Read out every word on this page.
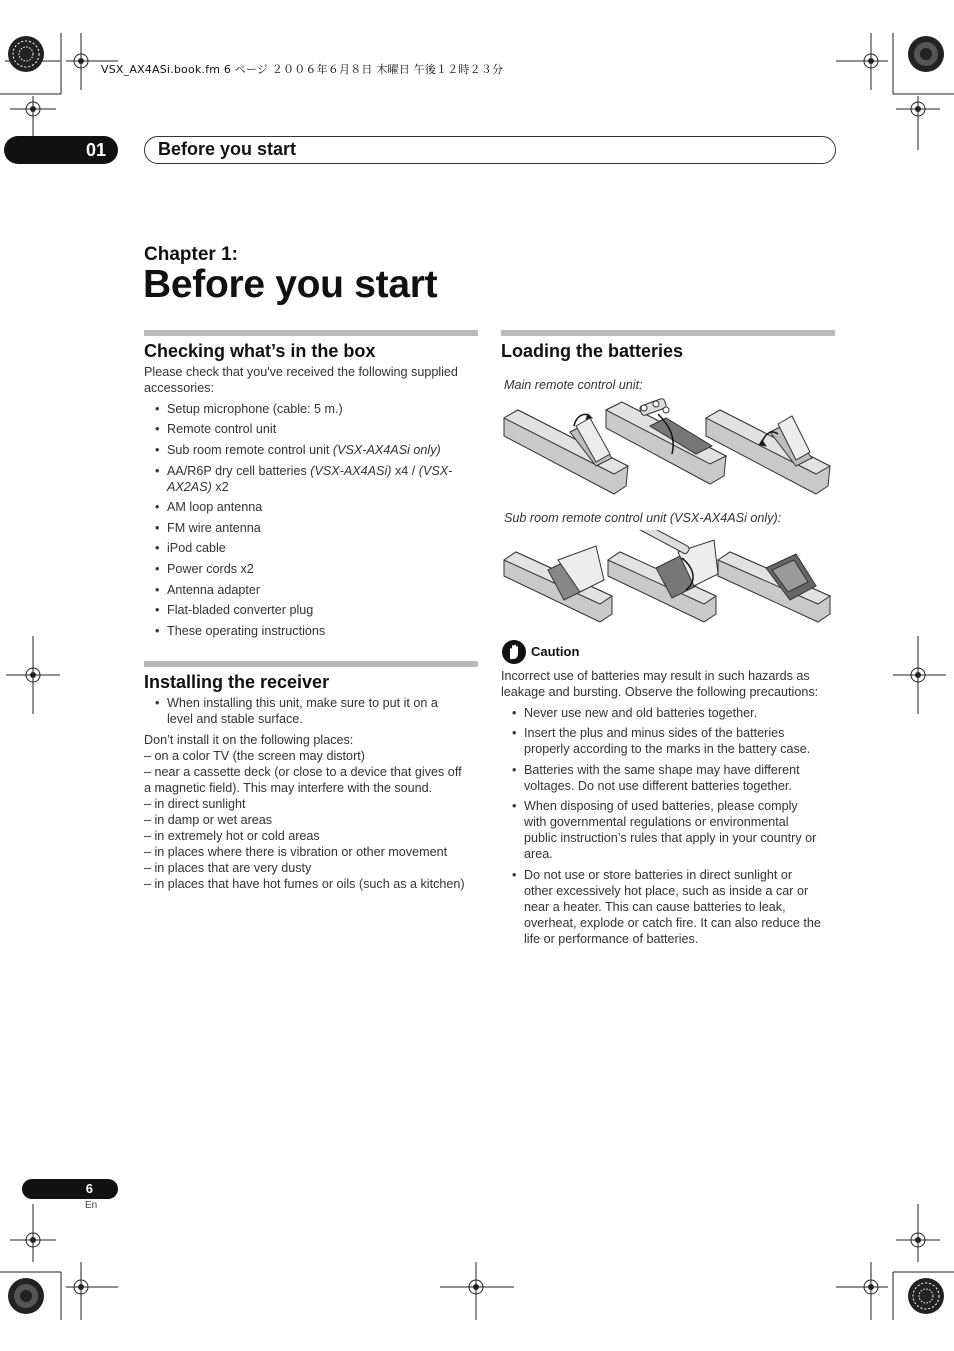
VSX_AX4ASi.book.fm 6 ページ ２００６年６月８日 木曜日 午後１２時２３分
01	Before you start
Chapter 1:
Before you start
Checking what’s in the box
Please check that you've received the following supplied
accessories:
• Setup microphone (cable: 5 m.)
• Remote control unit
• Sub room remote control unit (VSX-AX4ASi only)
• AA/R6P dry cell batteries (VSX-AX4ASi) x4 / (VSX-
AX2AS) x2
• AM loop antenna
• FM wire antenna
• iPod cable
• Power cords x2
• Antenna adapter
• Flat-bladed converter plug
• These operating instructions
Installing the receiver
• When installing this unit, make sure to put it on a
level and stable surface.
Don’t install it on the following places:
– on a color TV (the screen may distort)
– near a cassette deck (or close to a device that gives off
a magnetic field). This may interfere with the sound.
– in direct sunlight
– in damp or wet areas
– in extremely hot or cold areas
– in places where there is vibration or other movement
– in places that are very dusty
– in places that have hot fumes or oils (such as a kitchen)
Loading the batteries
Main remote control unit:
Sub room remote control unit (VSX-AX4ASi only):
Caution
Incorrect use of batteries may result in such hazards as
leakage and bursting. Observe the following precautions:
• Never use new and old batteries together.
• Insert the plus and minus sides of the batteries
properly according to the marks in the battery case.
• Batteries with the same shape may have different
voltages. Do not use different batteries together.
• When disposing of used batteries, please comply
with governmental regulations or environmental
public instruction’s rules that apply in your country or
area.
• Do not use or store batteries in direct sunlight or
other excessively hot place, such as inside a car or
near a heater. This can cause batteries to leak,
overheat, explode or catch fire. It can also reduce the
life or performance of batteries.
6
En
